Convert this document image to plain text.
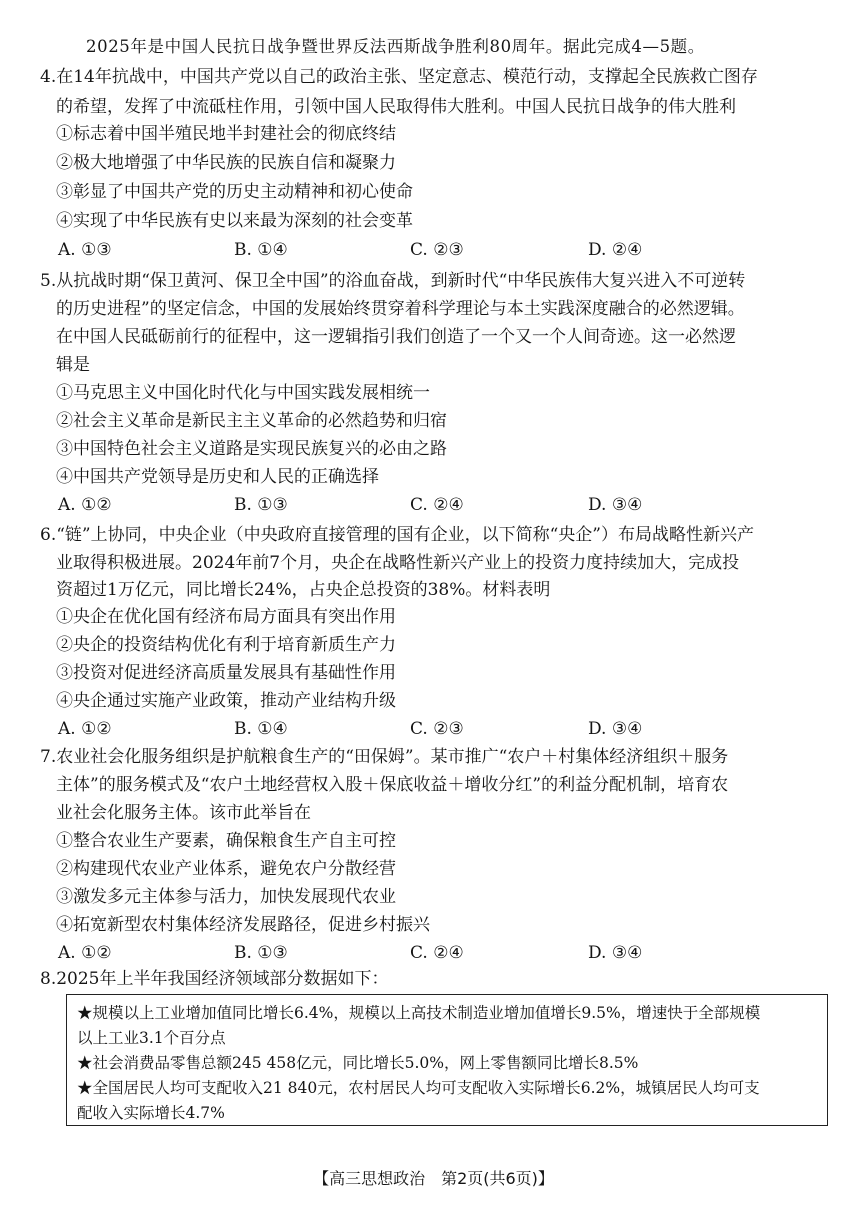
2025年是中国人民抗日战争暨世界反法西斯战争胜利80周年。据此完成4—5题。
4.在14年抗战中，中国共产党以自己的政治主张、坚定意志、模范行动，支撑起全民族救亡图存
的希望，发挥了中流砥柱作用，引领中国人民取得伟大胜利。中国人民抗日战争的伟大胜利
①标志着中国半殖民地半封建社会的彻底终结
②极大地增强了中华民族的民族自信和凝聚力
③彰显了中国共产党的历史主动精神和初心使命
④实现了中华民族有史以来最为深刻的社会变革
A. ①③	B. ①④	C. ②③	D. ②④
5.从抗战时期“保卫黄河、保卫全中国”的浴血奋战，到新时代“中华民族伟大复兴进入不可逆转
的历史进程”的坚定信念，中国的发展始终贯穿着科学理论与本土实践深度融合的必然逻辑。
在中国人民砥砺前行的征程中，这一逻辑指引我们创造了一个又一个人间奇迹。这一必然逻
辑是
①马克思主义中国化时代化与中国实践发展相统一
②社会主义革命是新民主主义革命的必然趋势和归宿
③中国特色社会主义道路是实现民族复兴的必由之路
④中国共产党领导是历史和人民的正确选择
A. ①②	B. ①③	C. ②④	D. ③④
6.“链”上协同，中央企业（中央政府直接管理的国有企业，以下简称“央企”）布局战略性新兴产
业取得积极进展。2024年前7个月，央企在战略性新兴产业上的投资力度持续加大，完成投
资超过1万亿元，同比增长24%，占央企总投资的38%。材料表明
①央企在优化国有经济布局方面具有突出作用
②央企的投资结构优化有利于培育新质生产力
③投资对促进经济高质量发展具有基础性作用
④央企通过实施产业政策，推动产业结构升级
A. ①②	B. ①④	C. ②③	D. ③④
7.农业社会化服务组织是护航粮食生产的“田保姆”。某市推广“农户＋村集体经济组织＋服务
主体”的服务模式及“农户土地经营权入股＋保底收益＋增收分红”的利益分配机制，培育农
业社会化服务主体。该市此举旨在
①整合农业生产要素，确保粮食生产自主可控
②构建现代农业产业体系，避免农户分散经营
③激发多元主体参与活力，加快发展现代农业
④拓宽新型农村集体经济发展路径，促进乡村振兴
A. ①②	B. ①③	C. ②④	D. ③④
8.2025年上半年我国经济领域部分数据如下：
★规模以上工业增加值同比增长6.4%，规模以上高技术制造业增加值增长9.5%，增速快于全部规模
以上工业3.1个百分点
★社会消费品零售总额245 458亿元，同比增长5.0%，网上零售额同比增长8.5%
★全国居民人均可支配收入21 840元，农村居民人均可支配收入实际增长6.2%，城镇居民人均可支
配收入实际增长4.7%
【高三思想政治　第2页(共6页)】
